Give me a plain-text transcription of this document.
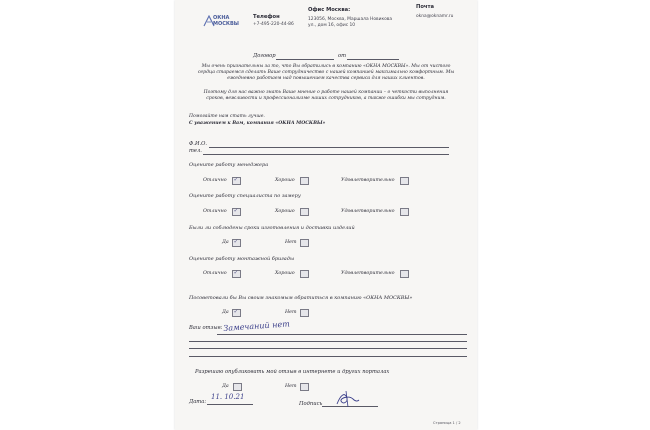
ОКНА
МОСКВЫ
Телефон
+7-495-220-44-86
Офис Москва:
123056, Москва, Маршала Новикова
ул., дом 16, офис 10
Почта
okna@oknamr.ru
Договор	от
Мы очень признательны за то, что Вы обратились в компанию «ОКНА МОСКВЫ». Мы от чистого сердца стараемся сделать Ваше сотрудничество с нашей компанией максимально комфортным. Мы ежедневно работаем над повышением качества сервиса для наших клиентов.
Поэтому для нас важно знать Ваше мнение о работе нашей компании – о четкости выполнения сроков, вежливости и профессионализме наших сотрудников, а также ошибки мы сотрудним.
Помогайте нам стать лучше.
С уважением к Вам, компания «ОКНА МОСКВЫ»
Ф.И.О.
тел.
Оцените работу менеджера
Отлично ✓	Хорошо	Удовлетворительно
Оцените работу специалиста по замеру
Отлично ✓	Хорошо	Удовлетворительно
Были ли соблюдены сроки изготовления и доставки изделий
Да ✓	Нет
Оцените работу монтажной бригады
Отлично ✓	Хорошо	Удовлетворительно
Посоветовали бы Вы своим знакомым обратиться в компанию «ОКНА МОСКВЫ»
Да ✓	Нет
Ваш отзыв: Замечаний нет
Разрешаю опубликовать мой отзыв в интернете и других порталах
Да	Нет
Дата:
11. 10.21
Подпись
Страница 1 / 2
